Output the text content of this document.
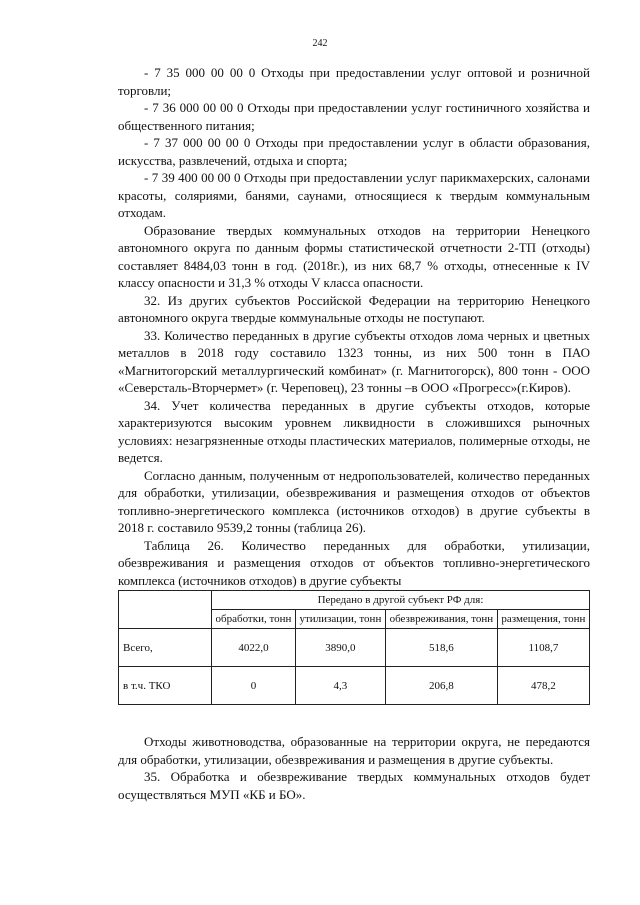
242

- 7 35 000 00 00 0 Отходы при предоставлении услуг оптовой и розничной торговли;

- 7 36 000 00 00 0 Отходы при предоставлении услуг гостиничного хозяйства и общественного питания;

- 7 37 000 00 00 0 Отходы при предоставлении услуг в области образования, искусства, развлечений, отдыха и спорта;

- 7 39 400 00 00 0 Отходы при предоставлении услуг парикмахерских, салонами красоты, соляриями, банями, саунами, относящиеся к твердым коммунальным отходам.

Образование твердых коммунальных отходов на территории Ненецкого автономного округа по данным формы статистической отчетности 2-ТП (отходы) составляет 8484,03 тонн в год. (2018г.), из них 68,7 % отходы, отнесенные к IV классу опасности и 31,3 % отходы V класса опасности.

32. Из других субъектов Российской Федерации на территорию Ненецкого автономного округа твердые коммунальные отходы не поступают.

33. Количество переданных в другие субъекты отходов лома черных и цветных металлов в 2018 году составило 1323 тонны, из них 500 тонн в ПАО «Магнитогорский металлургический комбинат» (г. Магнитогорск), 800 тонн - ООО «Северсталь-Вторчермет» (г. Череповец), 23 тонны –в ООО «Прогресс»(г.Киров).

34. Учет количества переданных в другие субъекты отходов, которые характеризуются высоким уровнем ликвидности в сложившихся рыночных условиях: незагрязненные отходы пластических материалов, полимерные отходы, не ведется.

Согласно данным, полученным от недропользователей, количество переданных для обработки, утилизации, обезвреживания и размещения отходов от объектов топливно-энергетического комплекса (источников отходов) в другие субъекты в 2018 г. составило 9539,2 тонны (таблица 26).

Таблица 26. Количество переданных для обработки, утилизации, обезвреживания и размещения отходов от объектов топливно-энергетического комплекса (источников отходов) в другие субъекты

	Передано в другой субъект РФ для:			
	обработки, тонн	утилизации, тонн	обезвреживания, тонн	размещения, тонн
Всего,	4022,0	3890,0	518,6	1108,7
в т.ч. ТКО	0	4,3	206,8	478,2

Отходы животноводства, образованные на территории округа, не передаются для обработки, утилизации, обезвреживания и размещения в другие субъекты.

35. Обработка и обезвреживание твердых коммунальных отходов будет осуществляться МУП «КБ и БО».
